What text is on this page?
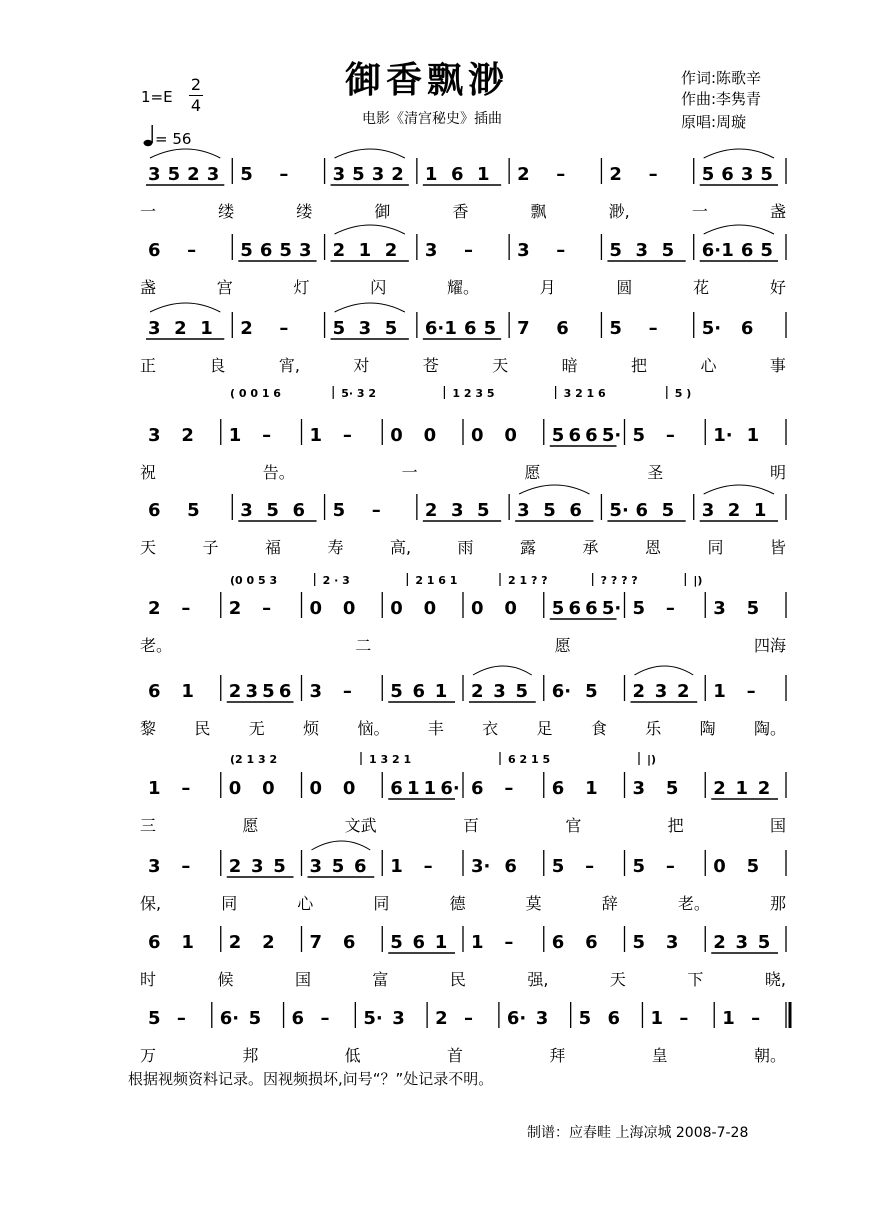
御香飘渺
电影《清宫秘史》插曲
1=E
2
4
作词:陈歌辛
作曲:李隽青
原唱:周璇
= 56
3 5 2 3 5 – 3 5 3 2 1 6 1 2 – 2 – 5 6 3 5
一	缕	缕	御	香	飘	渺,	一	盏
6 – 5 6 5 3 2 1 2 3 – 3 – 5 3 5 6· 1 6 5
盏	宫	灯	闪	耀。	月	圆	花	好
3 2 1 2 – 5 3 5 6· 1 6 5 7 6 5 – 5· 6
正	良	宵,	对	苍	天	暗	把	心	事
( 0 0 1 6	5· 3 2	1 2 3 5	3 2 1 6	5 )
3 2 1 – 1 – 0 0 0 0 5 6 6 5· 5 – 1· 1
祝	告。	一	愿	圣	明
6 5 3 5 6 5 – 2 3 5 3 5 6 5· 6 5 3 2 1
天	子	福	寿	高,	雨	露	承	恩	同	皆
(0 0 5 3	2 · 3	2 1 6 1	2 1 ? ?	? ? ? ?	|)
2 – 2 – 0 0 0 0 0 0 5 6 6 5· 5 – 3 5
老。	二	愿	四海
6 1 2 3 5 6 3 – 5 6 1 2 3 5 6· 5 2 3 2 1 –
黎 民 无 烦 恼。 丰 衣 足 食 乐 陶 陶。
(2 1 3 2	1 3 2 1	6 2 1 5	|)
1 – 0 0 0 0 6 1 1 6· 6 – 6 1 3 5 2 1 2
三	愿	文武	百	官	把	国
3 – 2 3 5 3 5 6 1 – 3· 6 5 – 5 – 0 5
保,	同	心	同	德	莫	辞	老。	那
6 1 2 2 7 6 5 6 1 1 – 6 6 5 3 2 3 5
时	候	国	富	民	强,	天	下	晓,
5 – 6· 5 6 – 5· 3 2 – 6· 3 5 6 1 – 1 –
万	邦	低	首	拜	皇	朝。
根据视频资料记录。因视频损坏,问号“？”处记录不明。
制谱：应春畦 上海凉城 2008-7-28
